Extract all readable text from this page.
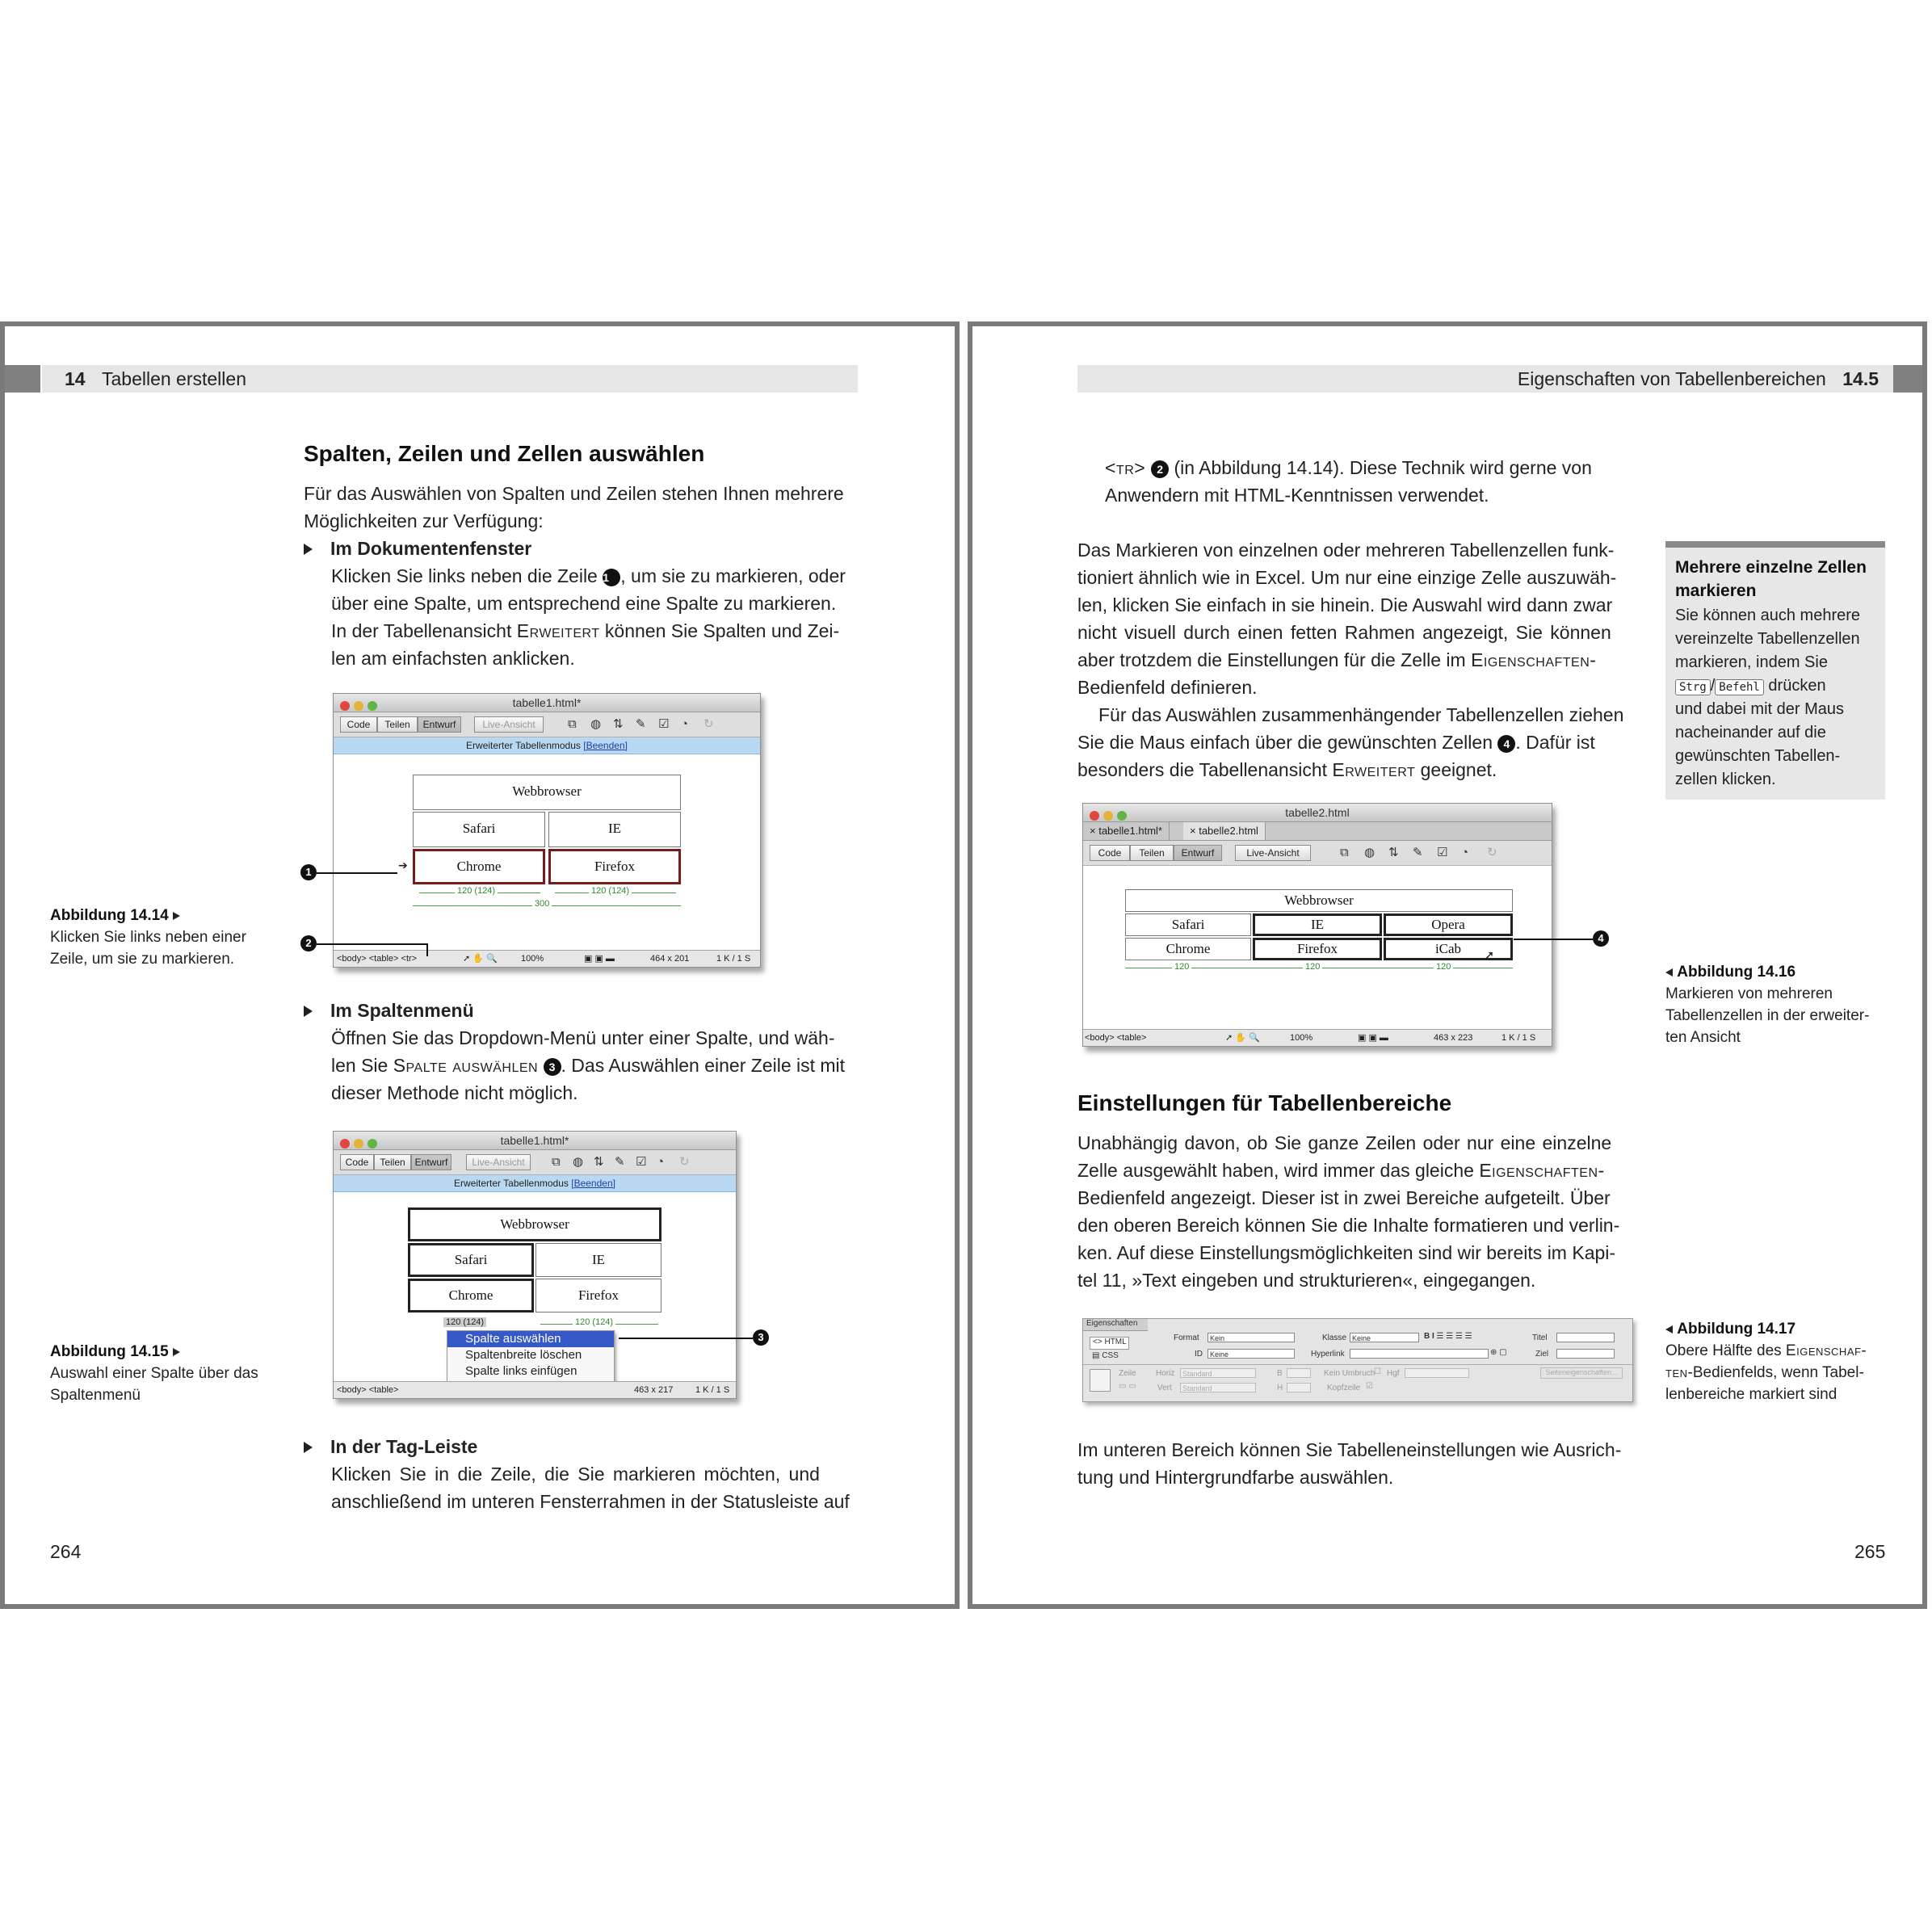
14 Tabellen erstellen
Spalten, Zeilen und Zellen auswählen
Für das Auswählen von Spalten und Zeilen stehen Ihnen mehrere
Möglichkeiten zur Verfügung:
Im Dokumentenfenster
Klicken Sie links neben die Zeile 1 , um sie zu markieren, oder
über eine Spalte, um entsprechend eine Spalte zu markieren.
In der Tabellenansicht Erweitert können Sie Spalten und Zei-
len am einfachsten anklicken.
tabelle1.html*
Code	Teilen	Entwurf	Live-Ansicht	⧉ ◍ ⇅ ✎ ☑ ◔ ↻
Erweiterter Tabellenmodus [Beenden]
Webbrowser
Safari	IE
Chrome	Firefox
➔
120 (124)	120 (124)
300
<body> <table> <tr>	➚ ✋ 🔍	100%	▣ ▣ ▬	464 x 201	1 K / 1 S
1
2
Abbildung 14.14
Klicken Sie links neben einer
Zeile, um sie zu markieren.
Im Spaltenmenü
Öffnen Sie das Dropdown-Menü unter einer Spalte, und wäh-
len Sie Spalte auswählen 3 . Das Auswählen einer Zeile ist mit
dieser Methode nicht möglich.
tabelle1.html*
Code	Teilen Entwurf	Live-Ansicht	⧉ ◍ ⇅ ✎ ☑ ◔ ↻
Erweiterter Tabellenmodus [Beenden]
Webbrowser
Safari	IE
Chrome	Firefox
120 (124)	120 (124)
Spalte auswählen
Spaltenbreite löschen
Spalte links einfügen
<body> <table>	463 x 217	1 K / 1 S
3
Abbildung 14.15
Auswahl einer Spalte über das
Spaltenmenü
In der Tag-Leiste
Klicken Sie in die Zeile, die Sie markieren möchten, und
anschließend im unteren Fensterrahmen in der Statusleiste auf
264
Eigenschaften von Tabellenbereichen 14.5
<tr> 2 (in Abbildung 14.14). Diese Technik wird gerne von
Anwendern mit HTML-Kenntnissen verwendet.
Das Markieren von einzelnen oder mehreren Tabellenzellen funk-
tioniert ähnlich wie in Excel. Um nur eine einzige Zelle auszuwäh-
len, klicken Sie einfach in sie hinein. Die Auswahl wird dann zwar
nicht visuell durch einen fetten Rahmen angezeigt, Sie können
aber trotzdem die Einstellungen für die Zelle im Eigenschaften-
Bedienfeld definieren.
Für das Auswählen zusammenhängender Tabellenzellen ziehen
Sie die Maus einfach über die gewünschten Zellen 4 . Dafür ist
besonders die Tabellenansicht Erweitert geeignet.
Mehrere einzelne Zellen
markieren
Sie können auch mehrere
vereinzelte Tabellenzellen
markieren, indem Sie
Strg / Befehl drücken
und dabei mit der Maus
nacheinander auf die
gewünschten Tabellen-
zellen klicken.
tabelle2.html
× tabelle1.html*	× tabelle2.html
Code	Teilen	Entwurf	Live-Ansicht	⧉ ◍ ⇅ ✎ ☑ ◔ ↻
Webbrowser
Safari	IE	Opera
Chrome	Firefox	iCab	➚
120	120	120
<body> <table>	➚ ✋ 🔍	100%	▣ ▣ ▬	463 x 223	1 K / 1 S
4
Abbildung 14.16
Markieren von mehreren
Tabellenzellen in der erweiter-
ten Ansicht
Einstellungen für Tabellenbereiche
Unabhängig davon, ob Sie ganze Zeilen oder nur eine einzelne
Zelle ausgewählt haben, wird immer das gleiche Eigenschaften-
Bedienfeld angezeigt. Dieser ist in zwei Bereiche aufgeteilt. Über
den oberen Bereich können Sie die Inhalte formatieren und verlin-
ken. Auf diese Einstellungsmöglichkeiten sind wir bereits im Kapi-
tel 11, »Text eingeben und strukturieren«, eingegangen.
Eigenschaften
<> HTML
▤ CSS
Format	Kein	Klasse Keine	B I ☰ ☰ ☰ ☰	Titel
ID	Keine	Hyperlink	⊕ ▢	Ziel
Zeile
▭ ▭
Horiz	Standard	B	Kein Umbruch
☐ Hgf	Seiteneigenschaften...
Vert	Standard	H	Kopfzeile ☑
Abbildung 14.17
Obere Hälfte des Eigenschaf-
ten-Bedienfelds, wenn Tabel-
lenbereiche markiert sind
Im unteren Bereich können Sie Tabelleneinstellungen wie Ausrich-
tung und Hintergrundfarbe auswählen.
265
